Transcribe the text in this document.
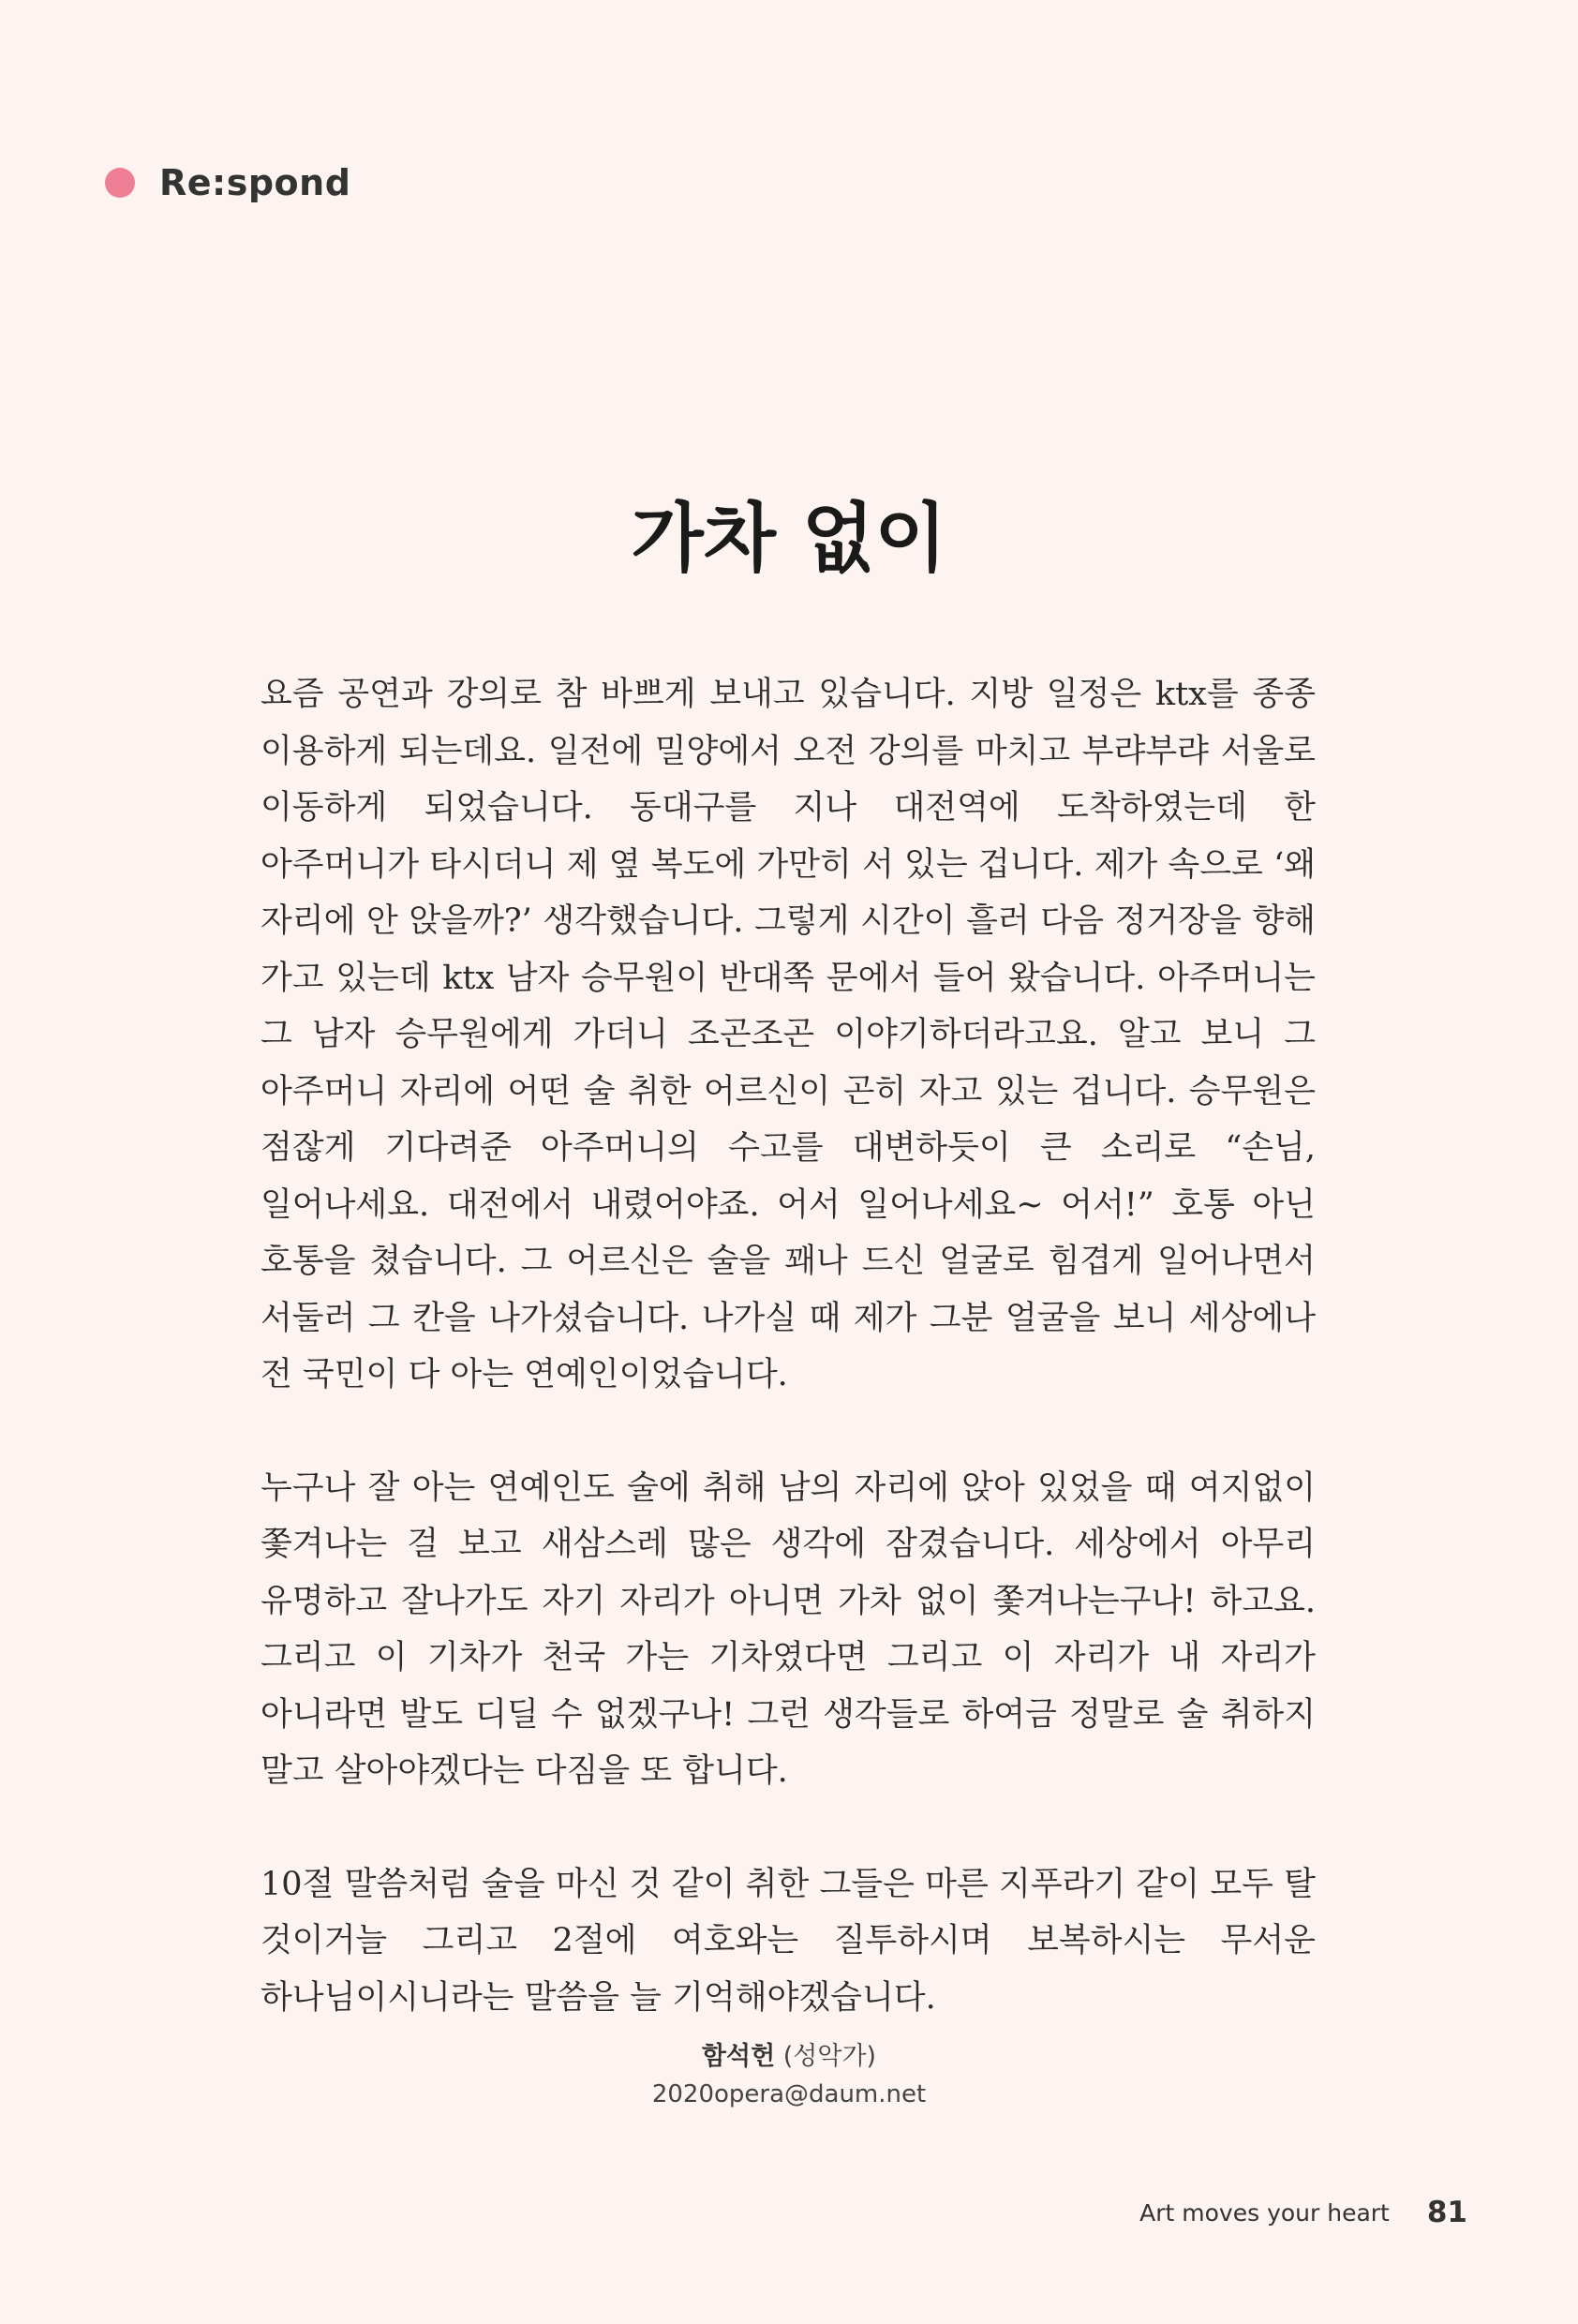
Re:spond
가차 없이

요즘 공연과 강의로 참 바쁘게 보내고 있습니다. 지방 일정은 ktx를 종종 이용하게 되는데요. 일전에 밀양에서 오전 강의를 마치고 부랴부랴 서울로 이동하게 되었습니다. 동대구를 지나 대전역에 도착하였는데 한 아주머니가 타시더니 제 옆 복도에 가만히 서 있는 겁니다. 제가 속으로 ‘왜 자리에 안 앉을까?’ 생각했습니다. 그렇게 시간이 흘러 다음 정거장을 향해 가고 있는데 ktx 남자 승무원이 반대쪽 문에서 들어 왔습니다. 아주머니는 그 남자 승무원에게 가더니 조곤조곤 이야기하더라고요. 알고 보니 그 아주머니 자리에 어떤 술 취한 어르신이 곤히 자고 있는 겁니다. 승무원은 점잖게 기다려준 아주머니의 수고를 대변하듯이 큰 소리로 “손님, 일어나세요. 대전에서 내렸어야죠. 어서 일어나세요~ 어서!” 호통 아닌 호통을 쳤습니다. 그 어르신은 술을 꽤나 드신 얼굴로 힘겹게 일어나면서 서둘러 그 칸을 나가셨습니다. 나가실 때 제가 그분 얼굴을 보니 세상에나 전 국민이 다 아는 연예인이었습니다.

누구나 잘 아는 연예인도 술에 취해 남의 자리에 앉아 있었을 때 여지없이 쫓겨나는 걸 보고 새삼스레 많은 생각에 잠겼습니다. 세상에서 아무리 유명하고 잘나가도 자기 자리가 아니면 가차 없이 쫓겨나는구나! 하고요. 그리고 이 기차가 천국 가는 기차였다면 그리고 이 자리가 내 자리가 아니라면 발도 디딜 수 없겠구나! 그런 생각들로 하여금 정말로 술 취하지 말고 살아야겠다는 다짐을 또 합니다.

10절 말씀처럼 술을 마신 것 같이 취한 그들은 마른 지푸라기 같이 모두 탈 것이거늘 그리고 2절에 여호와는 질투하시며 보복하시는 무서운 하나님이시니라는 말씀을 늘 기억해야겠습니다.

함석헌 (성악가)
2020opera@daum.net
Art moves your heart 81
